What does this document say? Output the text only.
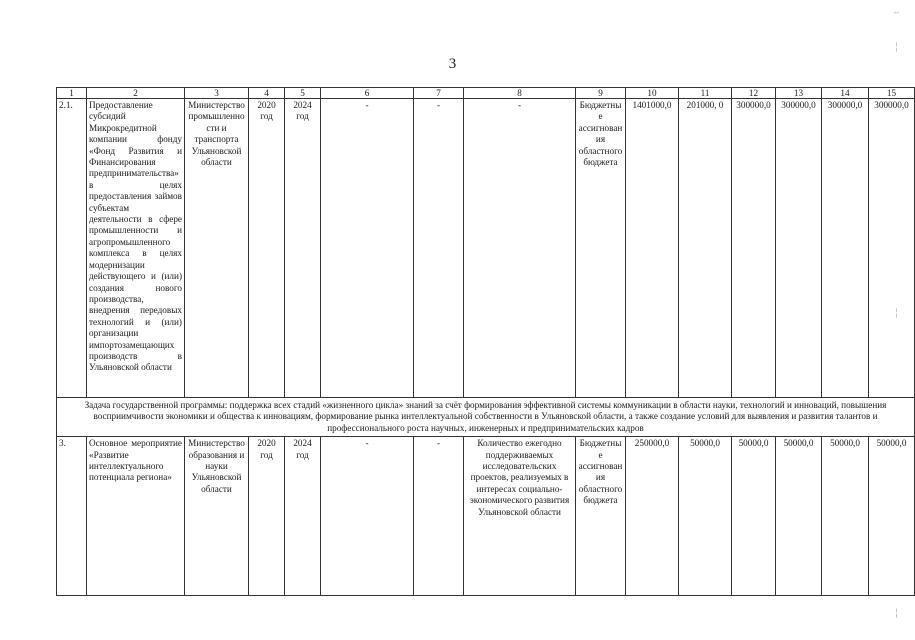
3
╌
╎
╎
╎
1	2	3	4	5	6	7	8	9	10	11	12	13	14	15
2.1.	Предоставление субсидий Микрокредитной компании фонду «Фонд Развития и Финансирования предпринимательства» в целях предоставления займов субъектам деятельности в сфере промышленности и агропромышленного комплекса в целях модернизации действующего и (или) создания нового производства, внедрения передовых технологий и (или) организации импортозамещающих производств в Ульяновской области	Министерство промышленности и транспорта Ульяновской области	2020 год	2024 год	-	-	-	Бюджетные ассигнования областного бюджета	1401000,0	201000, 0	300000,0	300000,0	300000,0	300000,0
Задача государственной программы: поддержка всех стадий «жизненного цикла» знаний за счёт формирования эффективной системы коммуникации в области науки, технологий и инноваций, повышения восприимчивости экономики и общества к инновациям, формирование рынка интеллектуальной собственности в Ульяновской области, а также создание условий для выявления и развития талантов и профессионального роста научных, инженерных и предпринимательских кадров														
3.	Основное мероприятие «Развитие интеллектуального потенциала региона»	Министерство образования и науки Ульяновской области	2020 год	2024 год	-	-	Количество ежегодно поддерживаемых исследовательских проектов, реализуемых в интересах социально-экономического развития Ульяновской области	Бюджетные ассигнования областного бюджета	250000,0	50000,0	50000,0	50000,0	50000,0	50000,0
